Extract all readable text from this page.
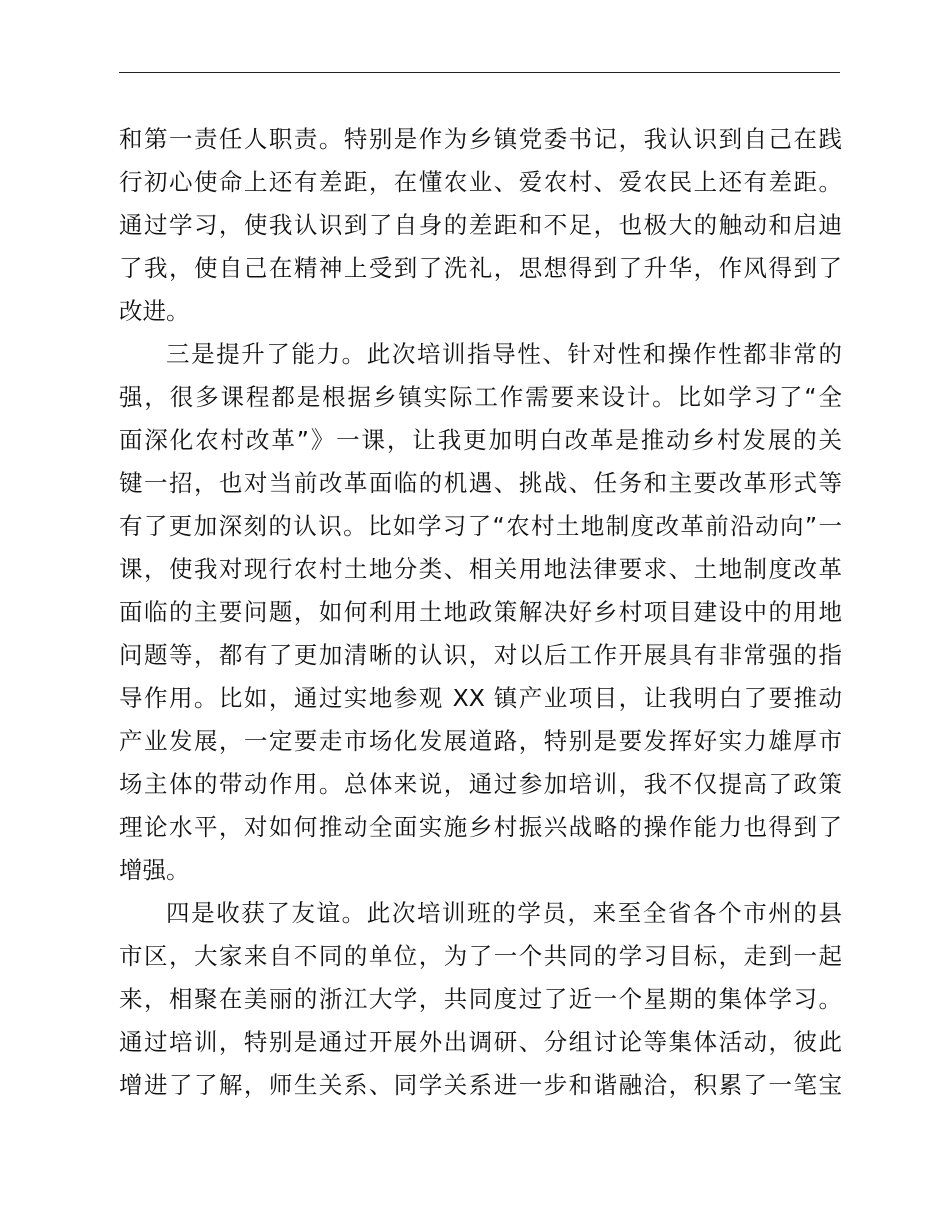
和第一责任人职责。特别是作为乡镇党委书记，我认识到自己在践
行初心使命上还有差距，在懂农业、爱农村、爱农民上还有差距。
通过学习，使我认识到了自身的差距和不足，也极大的触动和启迪
了我，使自己在精神上受到了洗礼，思想得到了升华，作风得到了
改进。
三是提升了能力。此次培训指导性、针对性和操作性都非常的
强，很多课程都是根据乡镇实际工作需要来设计。比如学习了“全
面深化农村改革”》一课，让我更加明白改革是推动乡村发展的关
键一招，也对当前改革面临的机遇、挑战、任务和主要改革形式等
有了更加深刻的认识。比如学习了“农村土地制度改革前沿动向”一
课，使我对现行农村土地分类、相关用地法律要求、土地制度改革
面临的主要问题，如何利用土地政策解决好乡村项目建设中的用地
问题等，都有了更加清晰的认识，对以后工作开展具有非常强的指
导作用。比如，通过实地参观 XX 镇产业项目，让我明白了要推动
产业发展，一定要走市场化发展道路，特别是要发挥好实力雄厚市
场主体的带动作用。总体来说，通过参加培训，我不仅提高了政策
理论水平，对如何推动全面实施乡村振兴战略的操作能力也得到了
增强。
四是收获了友谊。此次培训班的学员，来至全省各个市州的县
市区，大家来自不同的单位，为了一个共同的学习目标，走到一起
来，相聚在美丽的浙江大学，共同度过了近一个星期的集体学习。
通过培训，特别是通过开展外出调研、分组讨论等集体活动，彼此
增进了了解，师生关系、同学关系进一步和谐融洽，积累了一笔宝
